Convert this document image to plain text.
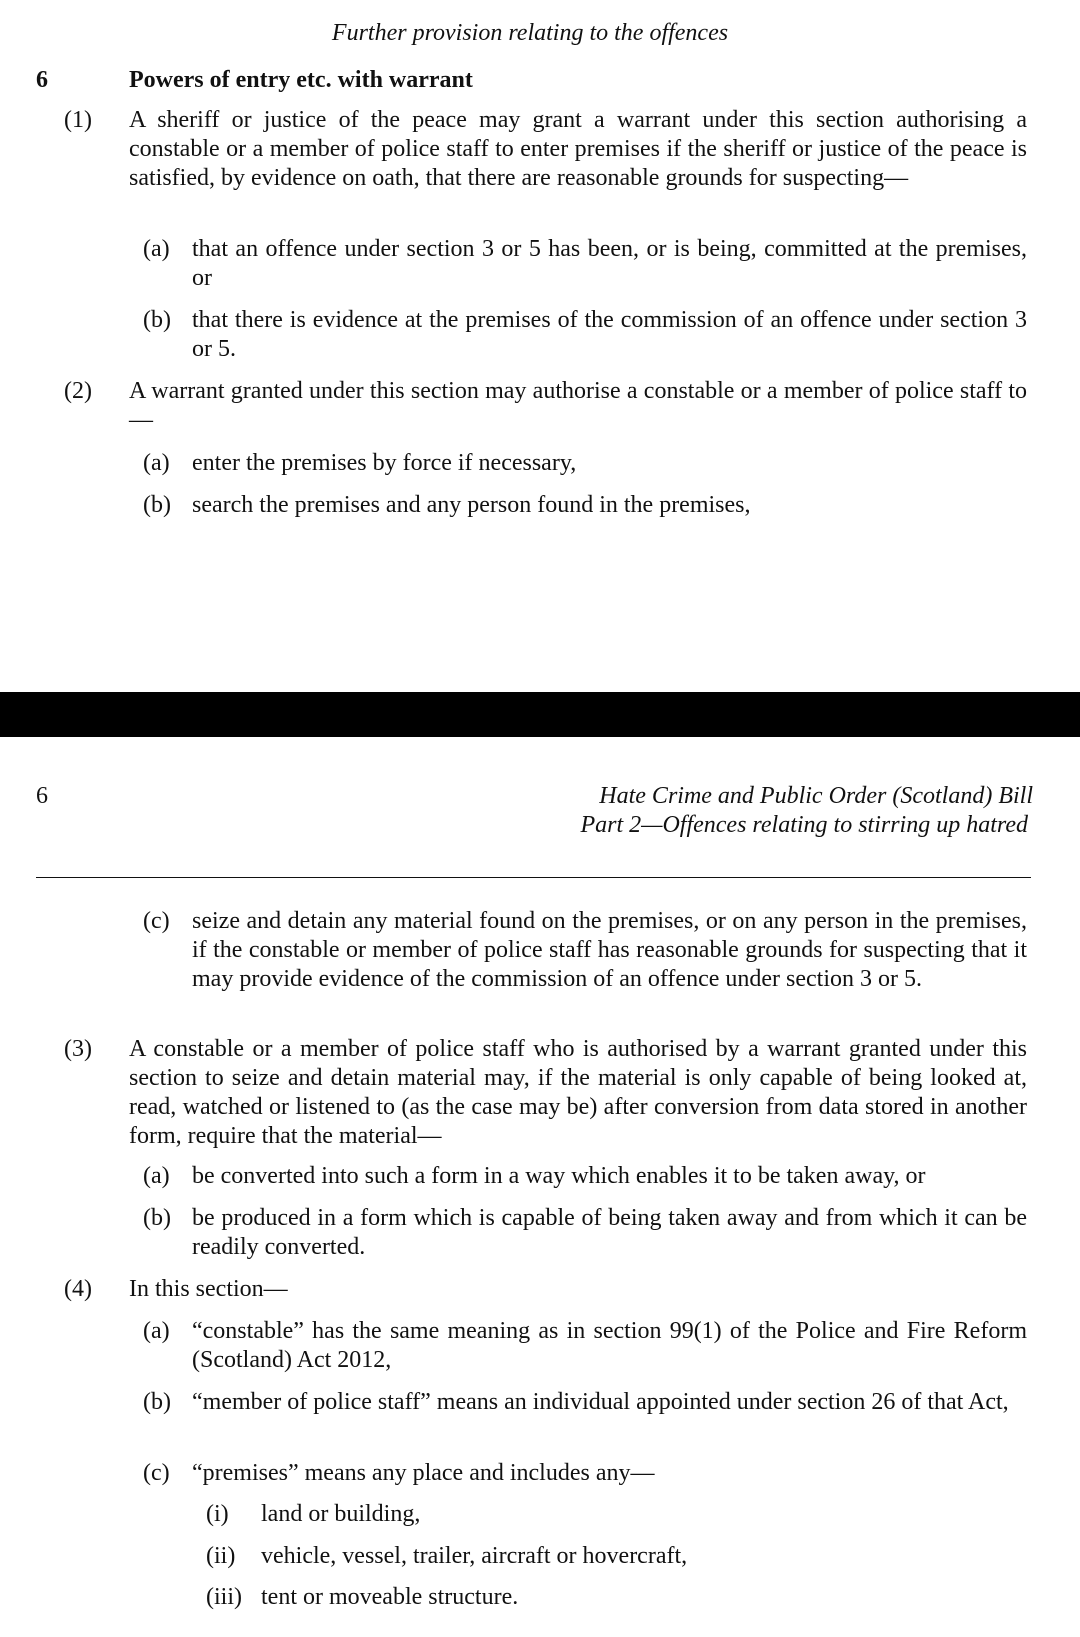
Further provision relating to the offences
6	Powers of entry etc. with warrant
(1) A sheriff or justice of the peace may grant a warrant under this section authorising a constable or a member of police staff to enter premises if the sheriff or justice of the peace is satisfied, by evidence on oath, that there are reasonable grounds for suspecting—
(a) that an offence under section 3 or 5 has been, or is being, committed at the premises, or
(b) that there is evidence at the premises of the commission of an offence under section 3 or 5.
(2) A warrant granted under this section may authorise a constable or a member of police staff to—
(a) enter the premises by force if necessary,
(b) search the premises and any person found in the premises,
6	Hate Crime and Public Order (Scotland) Bill
Part 2—Offences relating to stirring up hatred
(c) seize and detain any material found on the premises, or on any person in the premises, if the constable or member of police staff has reasonable grounds for suspecting that it may provide evidence of the commission of an offence under section 3 or 5.
(3) A constable or a member of police staff who is authorised by a warrant granted under this section to seize and detain material may, if the material is only capable of being looked at, read, watched or listened to (as the case may be) after conversion from data stored in another form, require that the material—
(a) be converted into such a form in a way which enables it to be taken away, or
(b) be produced in a form which is capable of being taken away and from which it can be readily converted.
(4) In this section—
(a) “constable” has the same meaning as in section 99(1) of the Police and Fire Reform (Scotland) Act 2012,
(b) “member of police staff” means an individual appointed under section 26 of that Act,
(c) “premises” means any place and includes any—
(i) land or building,
(ii) vehicle, vessel, trailer, aircraft or hovercraft,
(iii) tent or moveable structure.
